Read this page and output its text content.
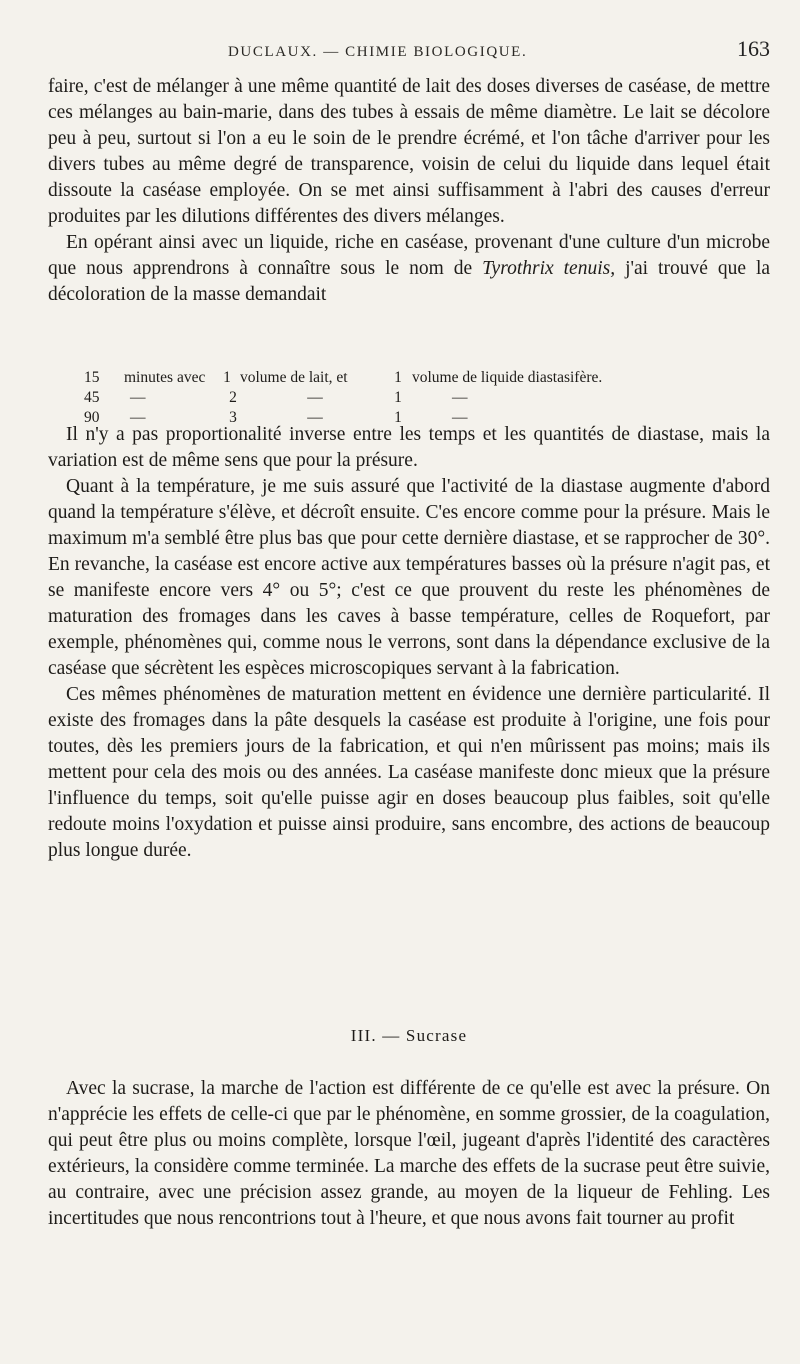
DUCLAUX. — CHIMIE BIOLOGIQUE.	163

faire, c'est de mélanger à une même quantité de lait des doses diverses de caséase, de mettre ces mélanges au bain-marie, dans des tubes à essais de même diamètre. Le lait se décolore peu à peu, surtout si l'on a eu le soin de le prendre écrémé, et l'on tâche d'arriver pour les divers tubes au même degré de transparence, voisin de celui du liquide dans lequel était dissoute la caséase employée. On se met ainsi suffisamment à l'abri des causes d'erreur produites par les dilutions différentes des divers mélanges.

En opérant ainsi avec un liquide, riche en caséase, provenant d'une culture d'un microbe que nous apprendrons à connaître sous le nom de Tyrothrix tenuis, j'ai trouvé que la décoloration de la masse demandait

15	minutes avec	1 volume de lait, et	1 volume de liquide diastasifère.
45	—	2	—	1	—
90	—	3	—	1	—

Il n'y a pas proportionalité inverse entre les temps et les quantités de diastase, mais la variation est de même sens que pour la présure.

Quant à la température, je me suis assuré que l'activité de la diastase augmente d'abord quand la température s'élève, et décroît ensuite. C'es encore comme pour la présure. Mais le maximum m'a semblé être plus bas que pour cette dernière diastase, et se rapprocher de 30°. En revanche, la caséase est encore active aux températures basses où la présure n'agit pas, et se manifeste encore vers 4° ou 5°; c'est ce que prouvent du reste les phénomènes de maturation des fromages dans les caves à basse température, celles de Roquefort, par exemple, phénomènes qui, comme nous le verrons, sont dans la dépendance exclusive de la caséase que sécrètent les espèces microscopiques servant à la fabrication.

Ces mêmes phénomènes de maturation mettent en évidence une dernière particularité. Il existe des fromages dans la pâte desquels la caséase est produite à l'origine, une fois pour toutes, dès les premiers jours de la fabrication, et qui n'en mûrissent pas moins; mais ils mettent pour cela des mois ou des années. La caséase manifeste donc mieux que la présure l'influence du temps, soit qu'elle puisse agir en doses beaucoup plus faibles, soit qu'elle redoute moins l'oxydation et puisse ainsi produire, sans encombre, des actions de beaucoup plus longue durée.

III. — Sucrase

Avec la sucrase, la marche de l'action est différente de ce qu'elle est avec la présure. On n'apprécie les effets de celle-ci que par le phénomène, en somme grossier, de la coagulation, qui peut être plus ou moins complète, lorsque l'œil, jugeant d'après l'identité des caractères extérieurs, la considère comme terminée. La marche des effets de la sucrase peut être suivie, au contraire, avec une précision assez grande, au moyen de la liqueur de Fehling. Les incertitudes que nous rencontrions tout à l'heure, et que nous avons fait tourner au profit
